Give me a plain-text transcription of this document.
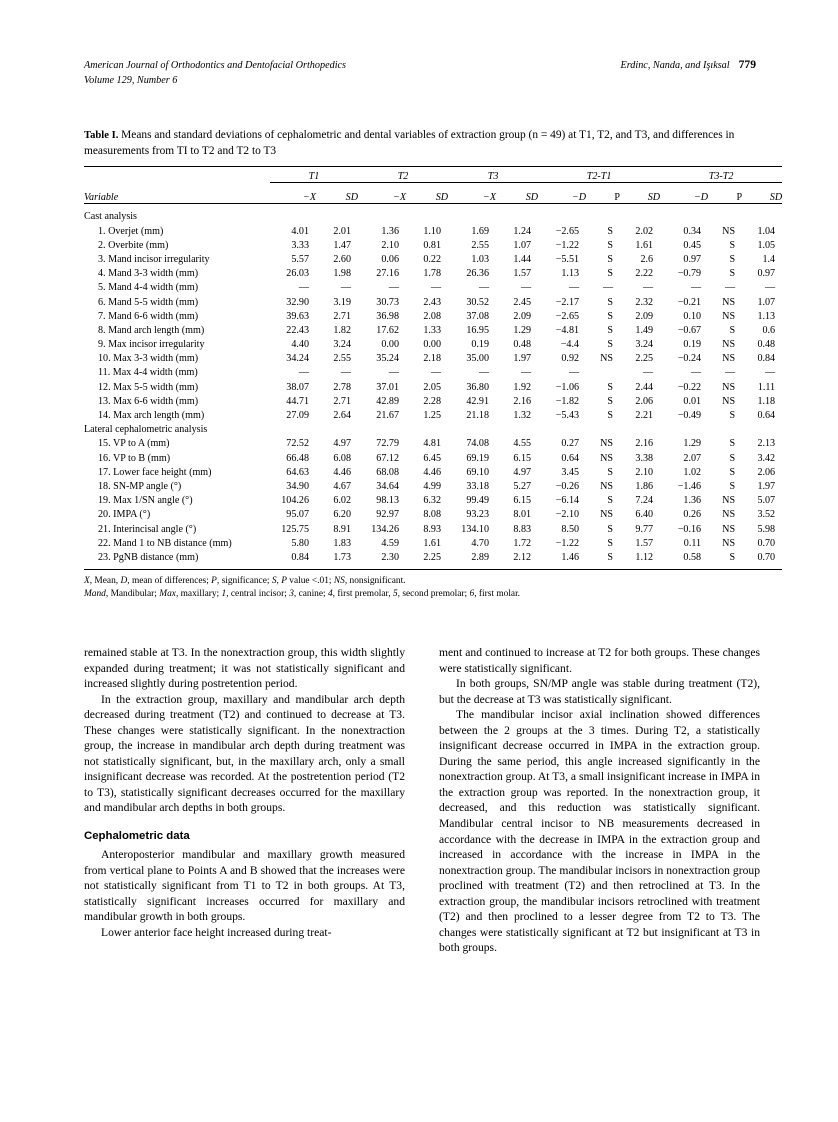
American Journal of Orthodontics and Dentofacial Orthopedics	Erdinc, Nanda, and Işıksal 779
Volume 129, Number 6
Table I. Means and standard deviations of cephalometric and dental variables of extraction group (n = 49) at T1, T2, and T3, and differences in measurements from TI to T2 and T2 to T3
	T1		T2		T3		T2-T1			T3-T2		
Variable	−X	SD	−X	SD	−X	SD	−D	P	SD	−D	P	SD

Cast analysis												
1. Overjet (mm)	4.01	2.01	1.36	1.10	1.69	1.24	−2.65	S	2.02	0.34	NS	1.04
2. Overbite (mm)	3.33	1.47	2.10	0.81	2.55	1.07	−1.22	S	1.61	0.45	S	1.05
3. Mand incisor irregularity	5.57	2.60	0.06	0.22	1.03	1.44	−5.51	S	2.6	0.97	S	1.4
4. Mand 3-3 width (mm)	26.03	1.98	27.16	1.78	26.36	1.57	1.13	S	2.22	−0.79	S	0.97
5. Mand 4-4 width (mm)	—	—	—	—	—	—	—	—	—	—	—	—
6. Mand 5-5 width (mm)	32.90	3.19	30.73	2.43	30.52	2.45	−2.17	S	2.32	−0.21	NS	1.07
7. Mand 6-6 width (mm)	39.63	2.71	36.98	2.08	37.08	2.09	−2.65	S	2.09	0.10	NS	1.13
8. Mand arch length (mm)	22.43	1.82	17.62	1.33	16.95	1.29	−4.81	S	1.49	−0.67	S	0.6
9. Max incisor irregularity	4.40	3.24	0.00	0.00	0.19	0.48	−4.4	S	3.24	0.19	NS	0.48
10. Max 3-3 width (mm)	34.24	2.55	35.24	2.18	35.00	1.97	0.92	NS	2.25	−0.24	NS	0.84
11. Max 4-4 width (mm)	—	—	—	—	—	—	—		—	—	—	—
12. Max 5-5 width (mm)	38.07	2.78	37.01	2.05	36.80	1.92	−1.06	S	2.44	−0.22	NS	1.11
13. Max 6-6 width (mm)	44.71	2.71	42.89	2.28	42.91	2.16	−1.82	S	2.06	0.01	NS	1.18
14. Max arch length (mm)	27.09	2.64	21.67	1.25	21.18	1.32	−5.43	S	2.21	−0.49	S	0.64
Lateral cephalometric analysis												
15. VP to A (mm)	72.52	4.97	72.79	4.81	74.08	4.55	0.27	NS	2.16	1.29	S	2.13
16. VP to B (mm)	66.48	6.08	67.12	6.45	69.19	6.15	0.64	NS	3.38	2.07	S	3.42
17. Lower face height (mm)	64.63	4.46	68.08	4.46	69.10	4.97	3.45	S	2.10	1.02	S	2.06
18. SN-MP angle (°)	34.90	4.67	34.64	4.99	33.18	5.27	−0.26	NS	1.86	−1.46	S	1.97
19. Max 1/SN angle (°)	104.26	6.02	98.13	6.32	99.49	6.15	−6.14	S	7.24	1.36	NS	5.07
20. IMPA (°)	95.07	6.20	92.97	8.08	93.23	8.01	−2.10	NS	6.40	0.26	NS	3.52
21. Interincisal angle (°)	125.75	8.91	134.26	8.93	134.10	8.83	8.50	S	9.77	−0.16	NS	5.98
22. Mand 1 to NB distance (mm)	5.80	1.83	4.59	1.61	4.70	1.72	−1.22	S	1.57	0.11	NS	0.70
23. PgNB distance (mm)	0.84	1.73	2.30	2.25	2.89	2.12	1.46	S	1.12	0.58	S	0.70

X, Mean, D, mean of differences; P, significance; S, P value <.01; NS, nonsignificant.
Mand, Mandibular; Max, maxillary; 1, central incisor; 3, canine; 4, first premolar, 5, second premolar; 6, first molar.

remained stable at T3. In the nonextraction group, this width slightly expanded during treatment; it was not statistically significant and increased slightly during postretention period.

In the extraction group, maxillary and mandibular arch depth decreased during treatment (T2) and continued to decrease at T3. These changes were statistically significant. In the nonextraction group, the increase in mandibular arch depth during treatment was not statistically significant, but, in the maxillary arch, only a small insignificant decrease was recorded. At the postretention period (T2 to T3), statistically significant decreases occurred for the maxillary and mandibular arch depths in both groups.

Cephalometric data

Anteroposterior mandibular and maxillary growth measured from vertical plane to Points A and B showed that the increases were not statistically significant from T1 to T2 in both groups. At T3, statistically significant increases occurred for maxillary and mandibular growth in both groups.

Lower anterior face height increased during treat-

ment and continued to increase at T2 for both groups. These changes were statistically significant.

In both groups, SN/MP angle was stable during treatment (T2), but the decrease at T3 was statistically significant.

The mandibular incisor axial inclination showed differences between the 2 groups at the 3 times. During T2, a statistically insignificant decrease occurred in IMPA in the extraction group. During the same period, this angle increased significantly in the nonextraction group. At T3, a small insignificant increase in IMPA in the extraction group was reported. In the nonextraction group, it decreased, and this reduction was statistically significant. Mandibular central incisor to NB measurements decreased in accordance with the decrease in IMPA in the extraction group and increased in accordance with the increase in IMPA in the nonextraction group. The mandibular incisors in nonextraction group proclined with treatment (T2) and then retroclined at T3. In the extraction group, the mandibular incisors retroclined with treatment (T2) and then proclined to a lesser degree from T2 to T3. The changes were statistically significant at T2 but insignificant at T3 in both groups.
